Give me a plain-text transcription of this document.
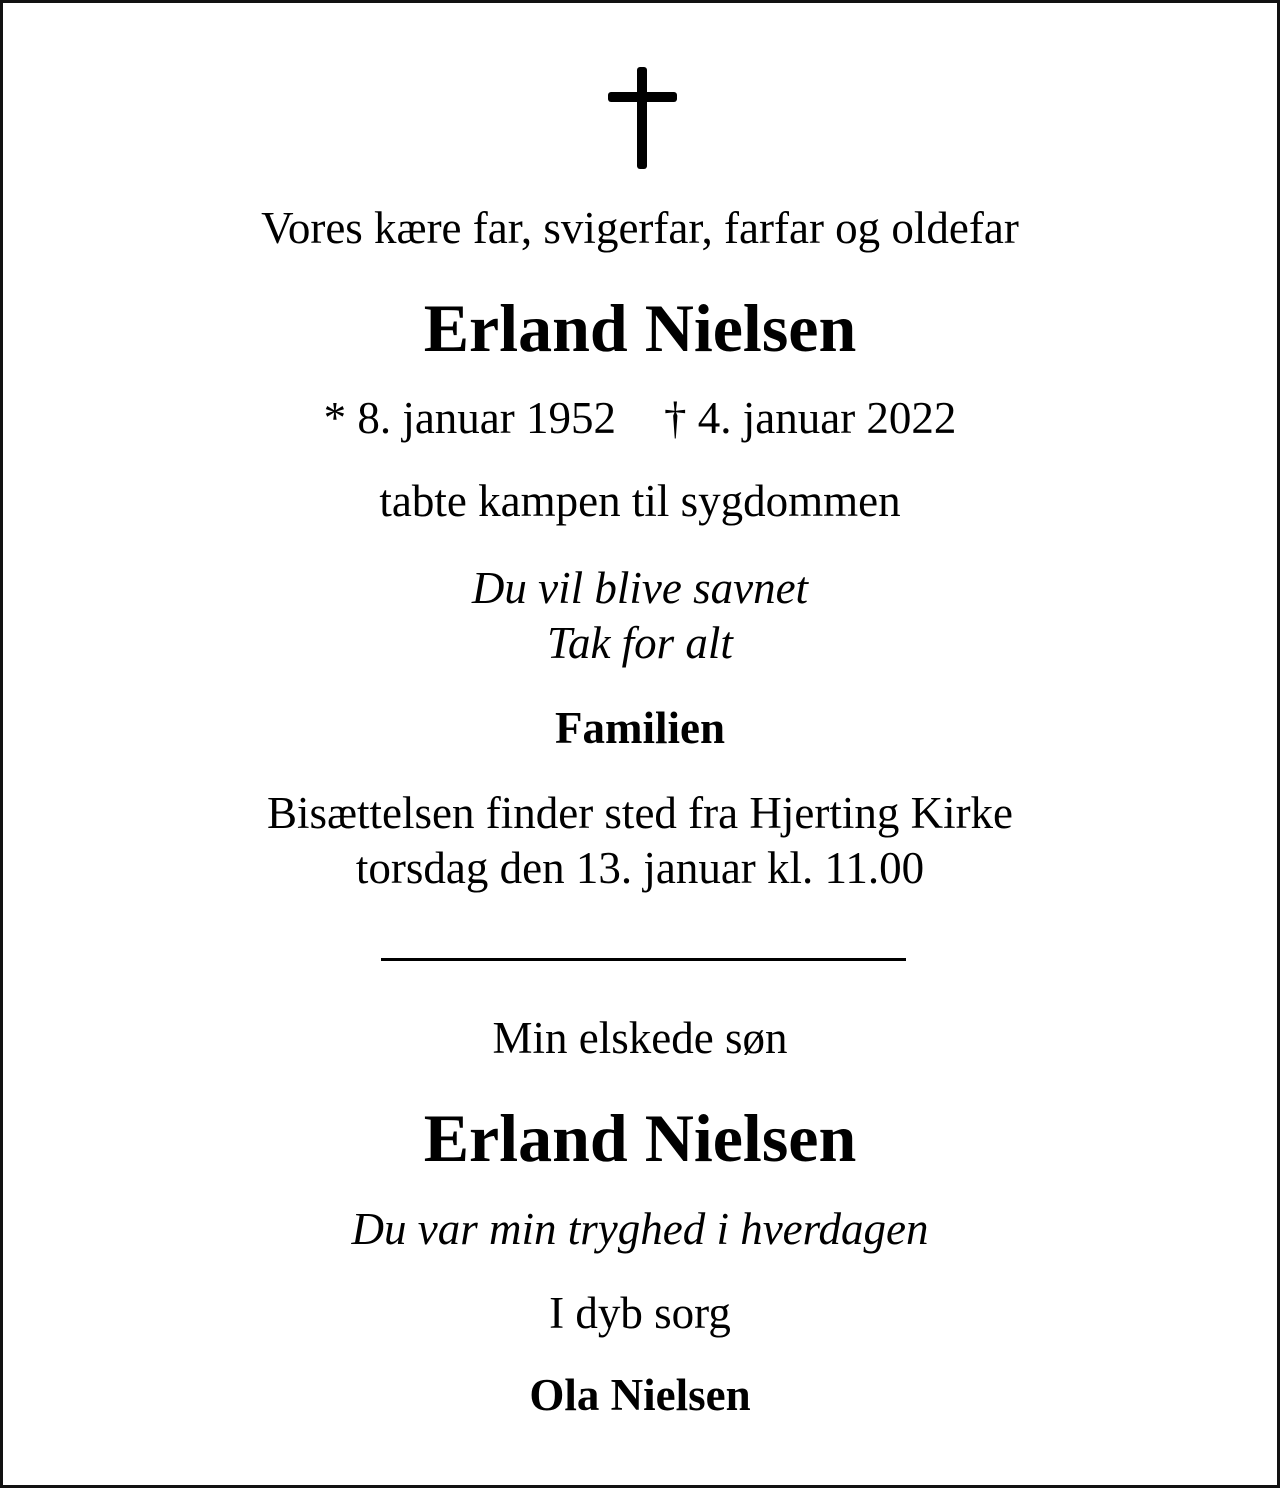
Vores kære far, svigerfar, farfar og oldefar
Erland Nielsen
* 8. januar 1952 † 4. januar 2022
tabte kampen til sygdommen
Du vil blive savnet
Tak for alt
Familien
Bisættelsen finder sted fra Hjerting Kirke
torsdag den 13. januar kl. 11.00
Min elskede søn
Erland Nielsen
Du var min tryghed i hverdagen
I dyb sorg
Ola Nielsen
